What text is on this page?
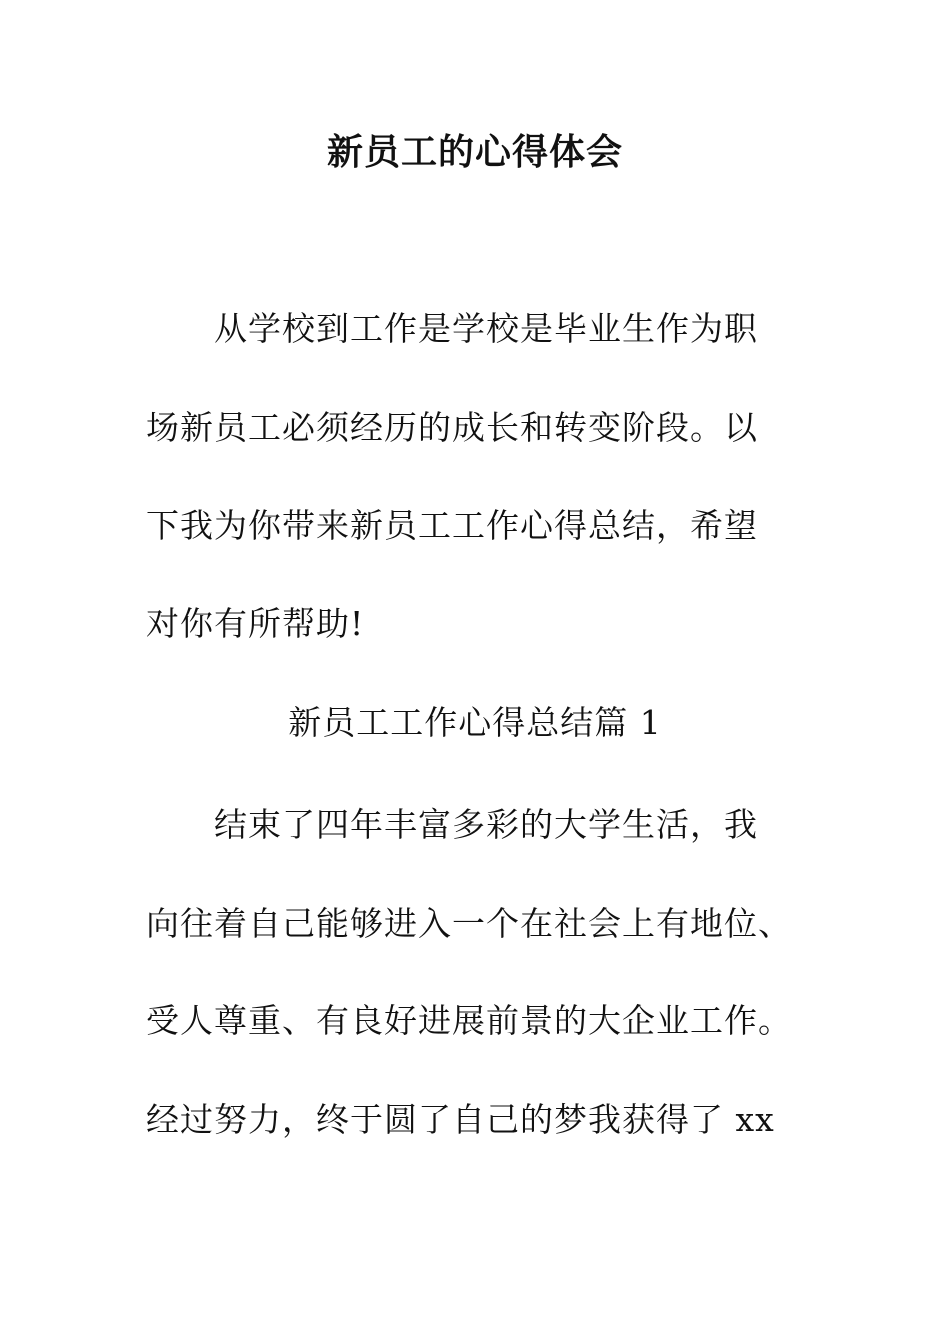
新员工的心得体会
从学校到工作是学校是毕业生作为职
场新员工必须经历的成长和转变阶段。以
下我为你带来新员工工作心得总结，希望
对你有所帮助!
新员工工作心得总结篇 1
结束了四年丰富多彩的大学生活，我
向往着自己能够进入一个在社会上有地位、
受人尊重、有良好进展前景的大企业工作。
经过努力，终于圆了自己的梦我获得了 xx
